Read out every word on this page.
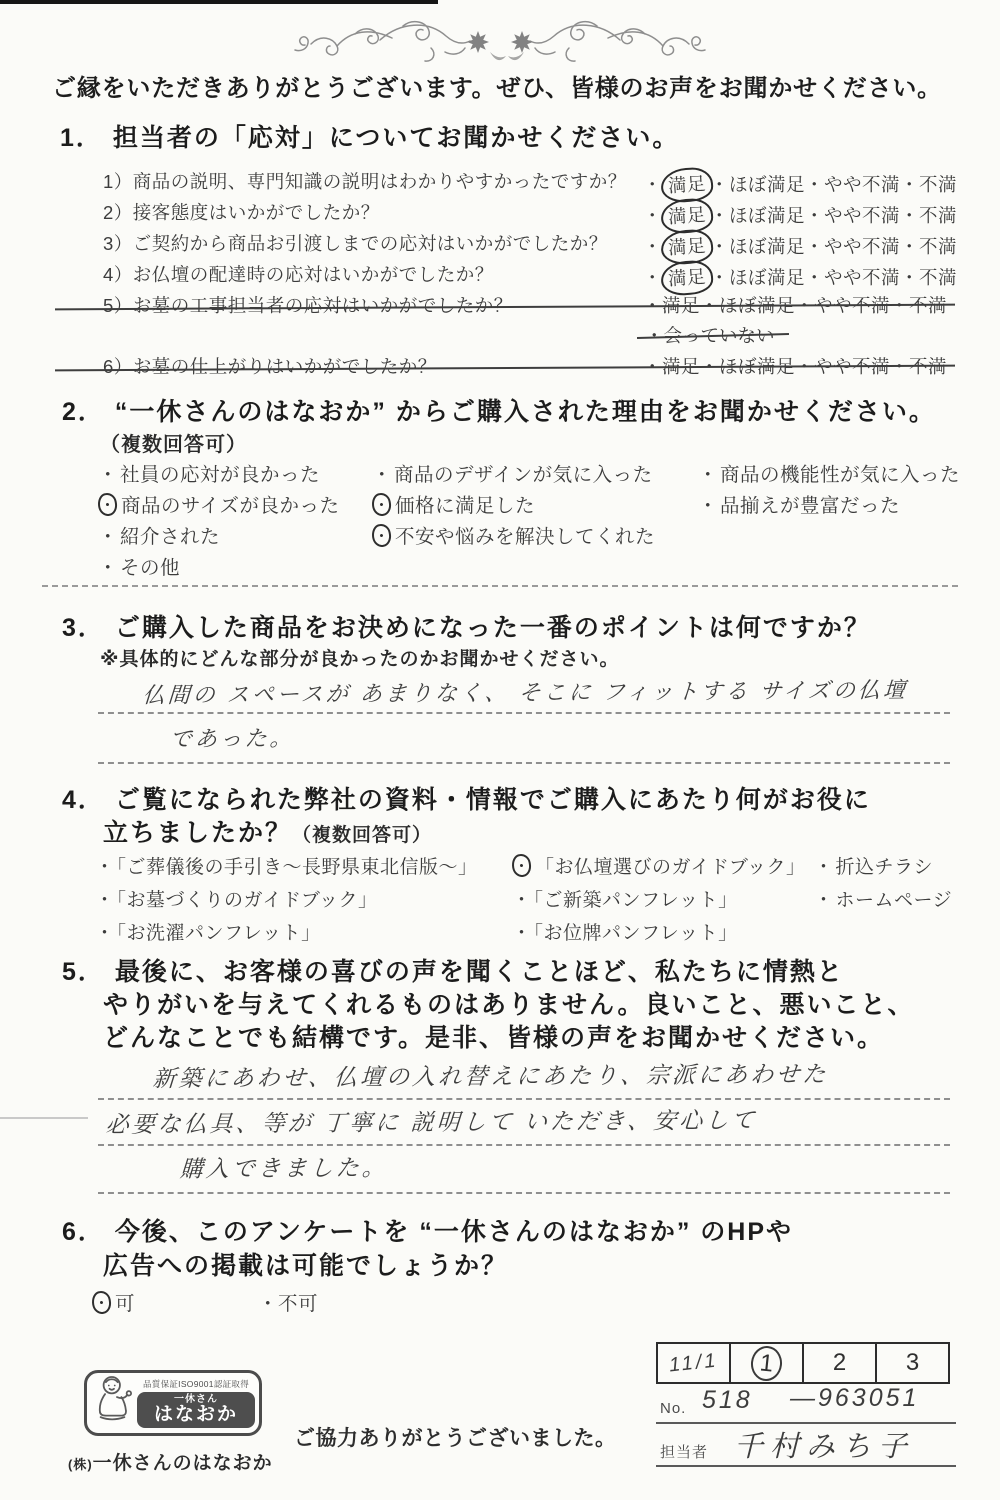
ご縁をいただきありがとうございます。ぜひ、皆様のお声をお聞かせください。
1． 担当者の「応対」についてお聞かせください。
1）商品の説明、専門知識の説明はわかりやすかったですか？ ・ 満足 ・ほぼ満足・やや不満・不満
2）接客態度はいかがでしたか？	・ 満足 ・ほぼ満足・やや不満・不満
3）ご契約から商品お引渡しまでの応対はいかがでしたか？ ・ 満足 ・ほぼ満足・やや不満・不満
4）お仏壇の配達時の応対はいかがでしたか？	・ 満足 ・ほぼ満足・やや不満・不満
5）お墓の工事担当者の応対はいかがでしたか？	・満足・ほぼ満足・やや不満・不満
・会っていない
6）お墓の仕上がりはいかがでしたか？	・満足・ほぼ満足・やや不満・不満
2． “一休さんのはなおか” からご購入された理由をお聞かせください。
（複数回答可）
・ 社員の応対が良かった
商品のサイズが良かった
・ 紹介された
・ その他
・ 商品のデザインが気に入った
価格に満足した
不安や悩みを解決してくれた
・ 商品の機能性が気に入った
・ 品揃えが豊富だった
3． ご購入した商品をお決めになった一番のポイントは何ですか？
※具体的にどんな部分が良かったのかお聞かせください。
仏間の スペースが あまりなく、 そこに フィットする サイズの仏壇
であった。
4． ご覧になられた弊社の資料・情報でご購入にあたり何がお役に
立ちましたか？（複数回答可）
・ 「ご葬儀後の手引き～長野県東北信版～」
・ 「お墓づくりのガイドブック」
・ 「お洗濯パンフレット」
「お仏壇選びのガイドブック」
・ 「ご新築パンフレット」
・ 「お位牌パンフレット」
・ 折込チラシ
・ ホームページ
5． 最後に、お客様の喜びの声を聞くことほど、私たちに情熱と
やりがいを与えてくれるものはありません。良いこと、悪いこと、
どんなことでも結構です。是非、皆様の声をお聞かせください。
新築にあわせ、仏壇の入れ替えにあたり、宗派にあわせた
必要な仏具、等が 丁寧に 説明して いただき、安心して
購入できました。
6． 今後、このアンケートを “一休さんのはなおか” のHPや
広告への掲載は可能でしょうか？
可	・不可
品質保証ISO9001認証取得
一休さん
はなおか
(株)一休さんのはなおか
ご協力ありがとうございました。
11/1 1	2	3
No. 518 —963051
担当者 千村みち子
